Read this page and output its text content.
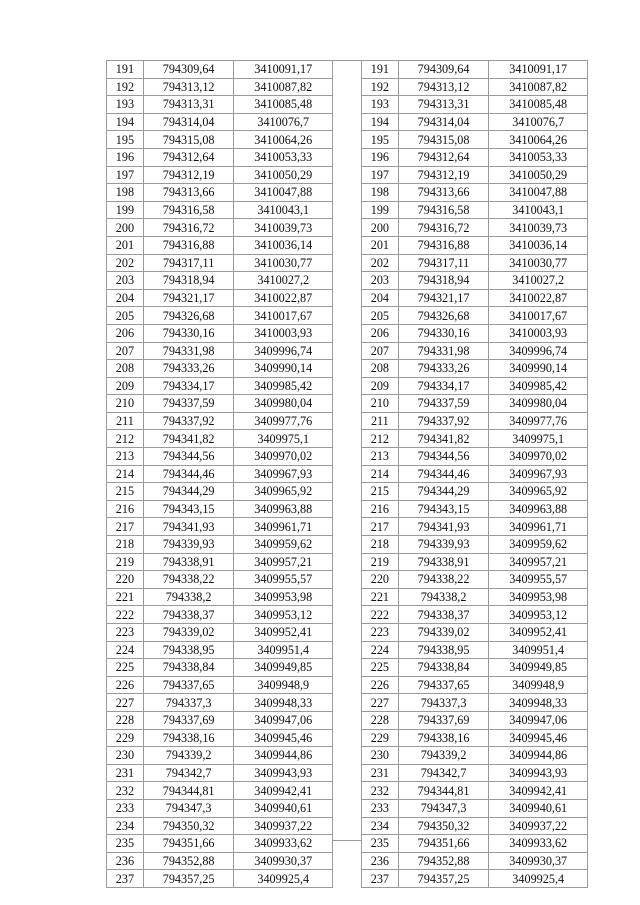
191	794309,64	3410091,17
192	794313,12	3410087,82
193	794313,31	3410085,48
194	794314,04	3410076,7
195	794315,08	3410064,26
196	794312,64	3410053,33
197	794312,19	3410050,29
198	794313,66	3410047,88
199	794316,58	3410043,1
200	794316,72	3410039,73
201	794316,88	3410036,14
202	794317,11	3410030,77
203	794318,94	3410027,2
204	794321,17	3410022,87
205	794326,68	3410017,67
206	794330,16	3410003,93
207	794331,98	3409996,74
208	794333,26	3409990,14
209	794334,17	3409985,42
210	794337,59	3409980,04
211	794337,92	3409977,76
212	794341,82	3409975,1
213	794344,56	3409970,02
214	794344,46	3409967,93
215	794344,29	3409965,92
216	794343,15	3409963,88
217	794341,93	3409961,71
218	794339,93	3409959,62
219	794338,91	3409957,21
220	794338,22	3409955,57
221	794338,2	3409953,98
222	794338,37	3409953,12
223	794339,02	3409952,41
224	794338,95	3409951,4
225	794338,84	3409949,85
226	794337,65	3409948,9
227	794337,3	3409948,33
228	794337,69	3409947,06
229	794338,16	3409945,46
230	794339,2	3409944,86
231	794342,7	3409943,93
232	794344,81	3409942,41
233	794347,3	3409940,61
234	794350,32	3409937,22
235	794351,66	3409933,62
236	794352,88	3409930,37
237	794357,25	3409925,4
191	794309,64	3410091,17
192	794313,12	3410087,82
193	794313,31	3410085,48
194	794314,04	3410076,7
195	794315,08	3410064,26
196	794312,64	3410053,33
197	794312,19	3410050,29
198	794313,66	3410047,88
199	794316,58	3410043,1
200	794316,72	3410039,73
201	794316,88	3410036,14
202	794317,11	3410030,77
203	794318,94	3410027,2
204	794321,17	3410022,87
205	794326,68	3410017,67
206	794330,16	3410003,93
207	794331,98	3409996,74
208	794333,26	3409990,14
209	794334,17	3409985,42
210	794337,59	3409980,04
211	794337,92	3409977,76
212	794341,82	3409975,1
213	794344,56	3409970,02
214	794344,46	3409967,93
215	794344,29	3409965,92
216	794343,15	3409963,88
217	794341,93	3409961,71
218	794339,93	3409959,62
219	794338,91	3409957,21
220	794338,22	3409955,57
221	794338,2	3409953,98
222	794338,37	3409953,12
223	794339,02	3409952,41
224	794338,95	3409951,4
225	794338,84	3409949,85
226	794337,65	3409948,9
227	794337,3	3409948,33
228	794337,69	3409947,06
229	794338,16	3409945,46
230	794339,2	3409944,86
231	794342,7	3409943,93
232	794344,81	3409942,41
233	794347,3	3409940,61
234	794350,32	3409937,22
235	794351,66	3409933,62
236	794352,88	3409930,37
237	794357,25	3409925,4
